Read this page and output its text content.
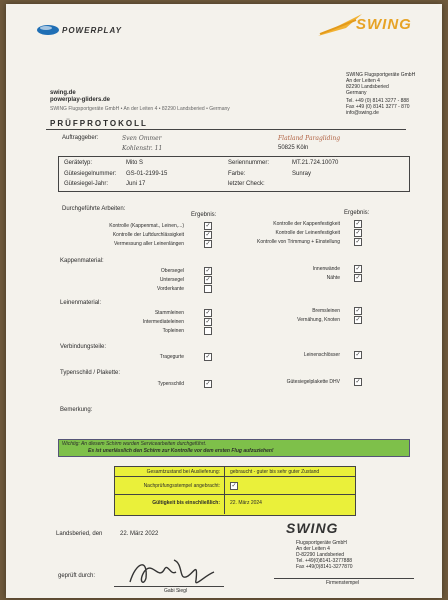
POWERPLAY	SWING
swing.de
powerplay-gliders.de
SWING Flugsportgeräte GmbH • An der Leiten 4 • 82290 Landsberied • Germany
SWING Flugsportgeräte GmbH
An der Leiten 4
82290 Landsberied
Germany
Tel. +49 (0) 8141 3277 - 888
Fax +49 (0) 8141 3277 - 870
info@swing.de
PRÜFPROTOKOLL
Auftraggeber:	Sven Ommer
Kohlenstr. 11
Flatland Paragliding
50825 Köln
Gerätetyp:	Mito S	Seriennummer:	MT.21.724.10070
Gütesiegelnummer: GS-01-2199-15	Farbe:	Sunray
Gütesiegel-Jahr:	Juni 17	letzter Check:
Durchgeführte Arbeiten:
Ergebnis:	Ergebnis:
Kontrolle (Kappenmat., Leinen,...)	✓
Kontrolle der Luftdurchlässigkeit	✓
Vermessung aller Leinenlängen	✓
Kontrolle der Kappenfestigkeit	✓
Kontrolle der Leinenfestigkeit	✓
Kontrolle von Trimmung + Einstellung	✓
Kappenmaterial:
Obersegel	✓
Untersegel	✓
Vorderkante
Innenwände	✓
Nähte	✓
Leinenmaterial:
Stammleinen	✓
Intermediateleinen	✓
Topleinen
Bremsleinen	✓
Vernähung, Knoten	✓
Verbindungsteile:
Tragegurte	✓	Leinenschlösser	✓
Typenschild / Plakette:
Typenschild	✓	Gütesiegelplakette DHV	✓
Bemerkung:
Wichtig: An diesem Schirm wurden Servicearbeiten durchgeführt.
Es ist unerlässlich den Schirm zur Kontrolle vor dem ersten Flug aufzuziehen!
Gesamtzustand bei Auslieferung: gebraucht - guter bis sehr guter Zustand
Nachprüfungsstempel angebracht: ✓
Gültigkeit bis einschließlich: 22. März 2024
Landsberied, den	22. März 2022
geprüft durch:
Gabi Siegl
SWING
Flugsportgeräte GmbH
An der Leiten 4
D-82290 Landsberied
Tel. +49(0)8141-3277888
Fax +49(0)8141-3277870
Firmenstempel
